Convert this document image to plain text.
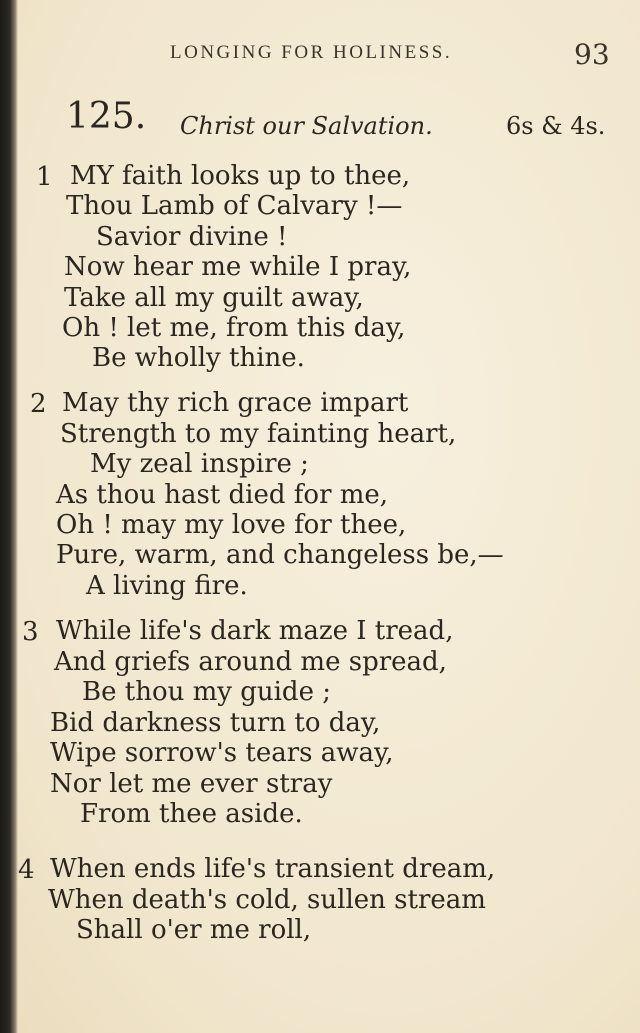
LONGING FOR HOLINESS.	93
125. Christ our Salvation.	6s & 4s.
1 MY faith looks up to thee,
Thou Lamb of Calvary !—
Savior divine !
Now hear me while I pray,
Take all my guilt away,
Oh ! let me, from this day,
Be wholly thine.
2 May thy rich grace impart
Strength to my fainting heart,
My zeal inspire ;
As thou hast died for me,
Oh ! may my love for thee,
Pure, warm, and changeless be,—
A living fire.
3 While life's dark maze I tread,
And griefs around me spread,
Be thou my guide ;
Bid darkness turn to day,
Wipe sorrow's tears away,
Nor let me ever stray
From thee aside.
4 When ends life's transient dream,
When death's cold, sullen stream
Shall o'er me roll,
